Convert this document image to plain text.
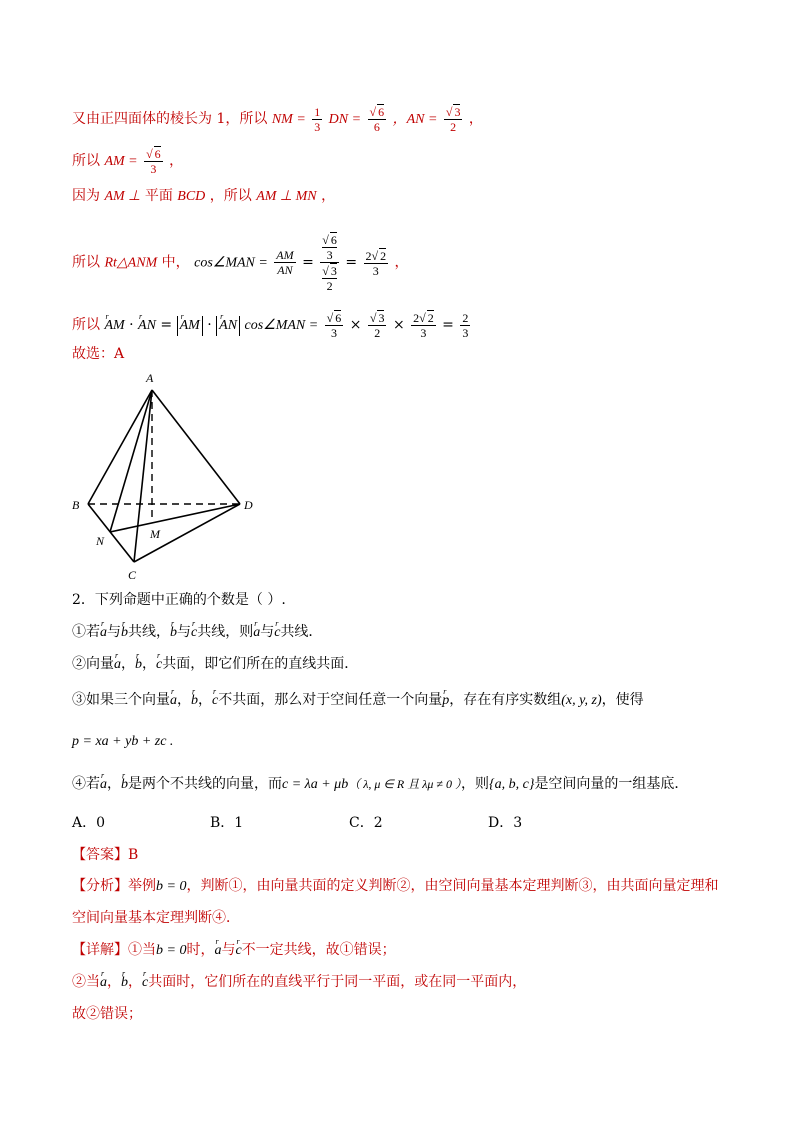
又由正四面体的棱长为 1，所以 NM = $\frac{1}{3}$ DN = $\frac{√ 6}{6}$ ，AN = $\frac{√ 3}{2}$ ，
所以 AM = $\frac{√ 6}{3}$ ，
因为 AM ⊥ 平面 BCD ，所以 AM ⊥ MN ，
所以 Rt△ANM 中， cos∠MAN = $\frac{AM}{AN} = \frac{\frac{√ 6}{3}}{\frac{√ 3}{2}} = \frac{2√ 2}{3}$ ，
所以 r AM · r AN = r AM · r AN cos∠MAN = $\frac{√ 6}{3} \times \frac{√ 3}{2} \times \frac{2√ 2}{3} = \frac{2}{3}$
故选：A
A
B
C
D
M
N
2．下列命题中正确的个数是（ ）.
①若r a与r b共线，r b与r c共线，则r a与r c共线．
②向量r a，r b，r c共面，即它们所在的直线共面．
③如果三个向量r a，r b，r c不共面，那么对于空间任意一个向量r p，存在有序实数组(x, y, z)，使得
p = xa + yb + zc .
④若r a，r b是两个不共线的向量，而c = λa + μb（ λ, μ ∈ R 且 λμ ≠ 0 ），则{a, b, c}是空间向量的一组基底．
A．0	B．1	C．2	D．3
【答案】B
【分析】举例b = 0，判断①，由向量共面的定义判断②，由空间向量基本定理判断③，由共面向量定理和
空间向量基本定理判断④．
【详解】①当b = 0时，r a与r c不一定共线，故①错误；
②当r a，r b，r c共面时，它们所在的直线平行于同一平面，或在同一平面内，
故②错误；
